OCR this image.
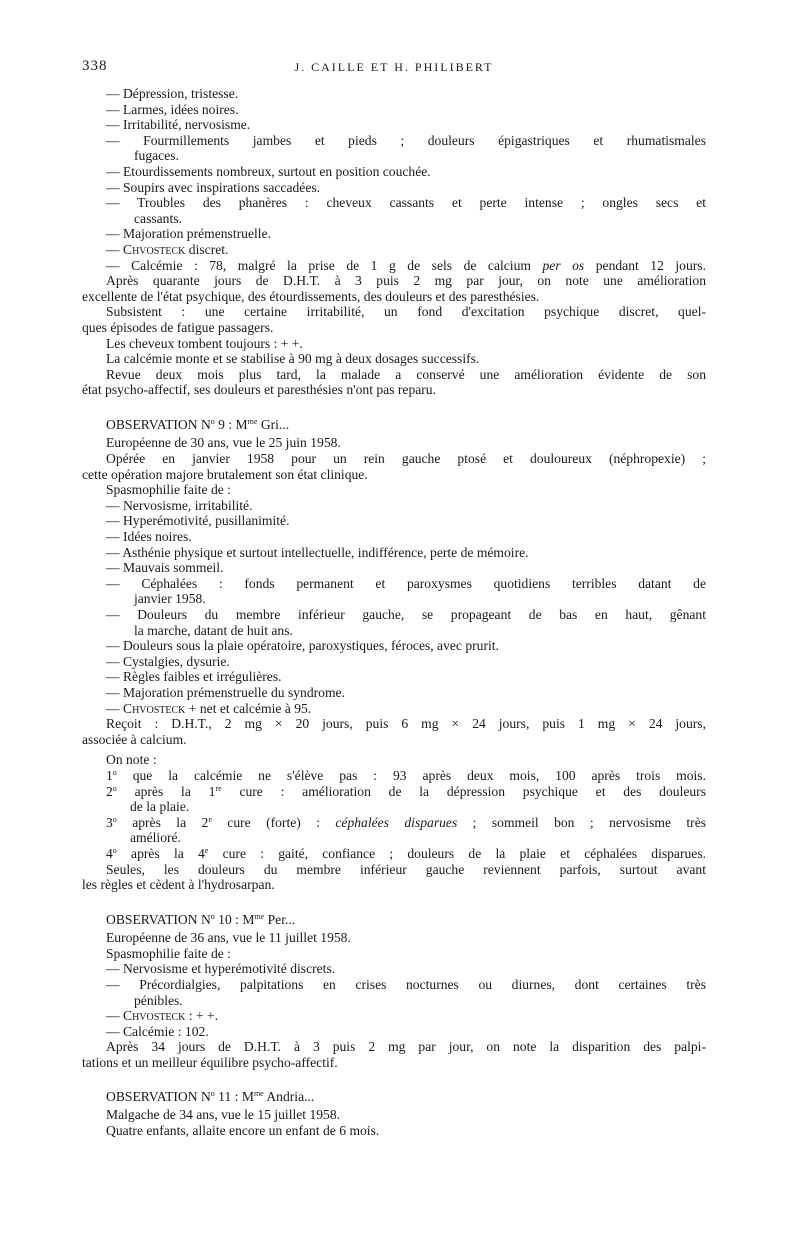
338	J. CAILLE ET H. PHILIBERT
— Dépression, tristesse.
— Larmes, idées noires.
— Irritabilité, nervosisme.
— Fourmillements jambes et pieds ; douleurs épigastriques et rhumatismales
fugaces.
— Etourdissements nombreux, surtout en position couchée.
— Soupirs avec inspirations saccadées.
— Troubles des phanères : cheveux cassants et perte intense ; ongles secs et
cassants.
— Majoration prémenstruelle.
— Chvosteck discret.
— Calcémie : 78, malgré la prise de 1 g de sels de calcium per os pendant 12 jours.
Après quarante jours de D.H.T. à 3 puis 2 mg par jour, on note une amélioration
excellente de l'état psychique, des étourdissements, des douleurs et des paresthésies.
Subsistent : une certaine irritabilité, un fond d'excitation psychique discret, quel-
ques épisodes de fatigue passagers.
Les cheveux tombent toujours : + +.
La calcémie monte et se stabilise à 90 mg à deux dosages successifs.
Revue deux mois plus tard, la malade a conservé une amélioration évidente de son
état psycho-affectif, ses douleurs et paresthésies n'ont pas reparu.
OBSERVATION $N^o$ 9 : $M^{me}$ Gri...
Européenne de 30 ans, vue le 25 juin 1958.
Opérée en janvier 1958 pour un rein gauche ptosé et douloureux (néphropexie) ;
cette opération majore brutalement son état clinique.
Spasmophilie faite de :
— Nervosisme, irritabilité.
— Hyperémotivité, pusillanimité.
— Idées noires.
— Asthénie physique et surtout intellectuelle, indifférence, perte de mémoire.
— Mauvais sommeil.
— Céphalées : fonds permanent et paroxysmes quotidiens terribles datant de
janvier 1958.
— Douleurs du membre inférieur gauche, se propageant de bas en haut, gênant
la marche, datant de huit ans.
— Douleurs sous la plaie opératoire, paroxystiques, féroces, avec prurit.
— Cystalgies, dysurie.
— Règles faibles et irrégulières.
— Majoration prémenstruelle du syndrome.
— Chvosteck + net et calcémie à 95.
Reçoit : D.H.T., 2 mg × 20 jours, puis 6 mg × 24 jours, puis 1 mg × 24 jours,
associée à calcium.
On note :
1$^o$ que la calcémie ne s'élève pas : 93 après deux mois, 100 après trois mois.
2$^o$ après la 1re cure : amélioration de la dépression psychique et des douleurs
de la plaie.
3$^o$ après la 2e cure (forte) : céphalées disparues ; sommeil bon ; nervosisme très
amélioré.
4$^o$ après la 4e cure : gaité, confiance ; douleurs de la plaie et céphalées disparues.
Seules, les douleurs du membre inférieur gauche reviennent parfois, surtout avant
les règles et cèdent à l'hydrosarpan.
OBSERVATION $N^o$ 10 : $M^{me}$ Per...
Européenne de 36 ans, vue le 11 juillet 1958.
Spasmophilie faite de :
— Nervosisme et hyperémotivité discrets.
— Précordialgies, palpitations en crises nocturnes ou diurnes, dont certaines très
pénibles.
— Chvosteck : + +.
— Calcémie : 102.
Après 34 jours de D.H.T. à 3 puis 2 mg par jour, on note la disparition des palpi-
tations et un meilleur équilibre psycho-affectif.
OBSERVATION $N^o$ 11 : $M^{me}$ Andria...
Malgache de 34 ans, vue le 15 juillet 1958.
Quatre enfants, allaite encore un enfant de 6 mois.
